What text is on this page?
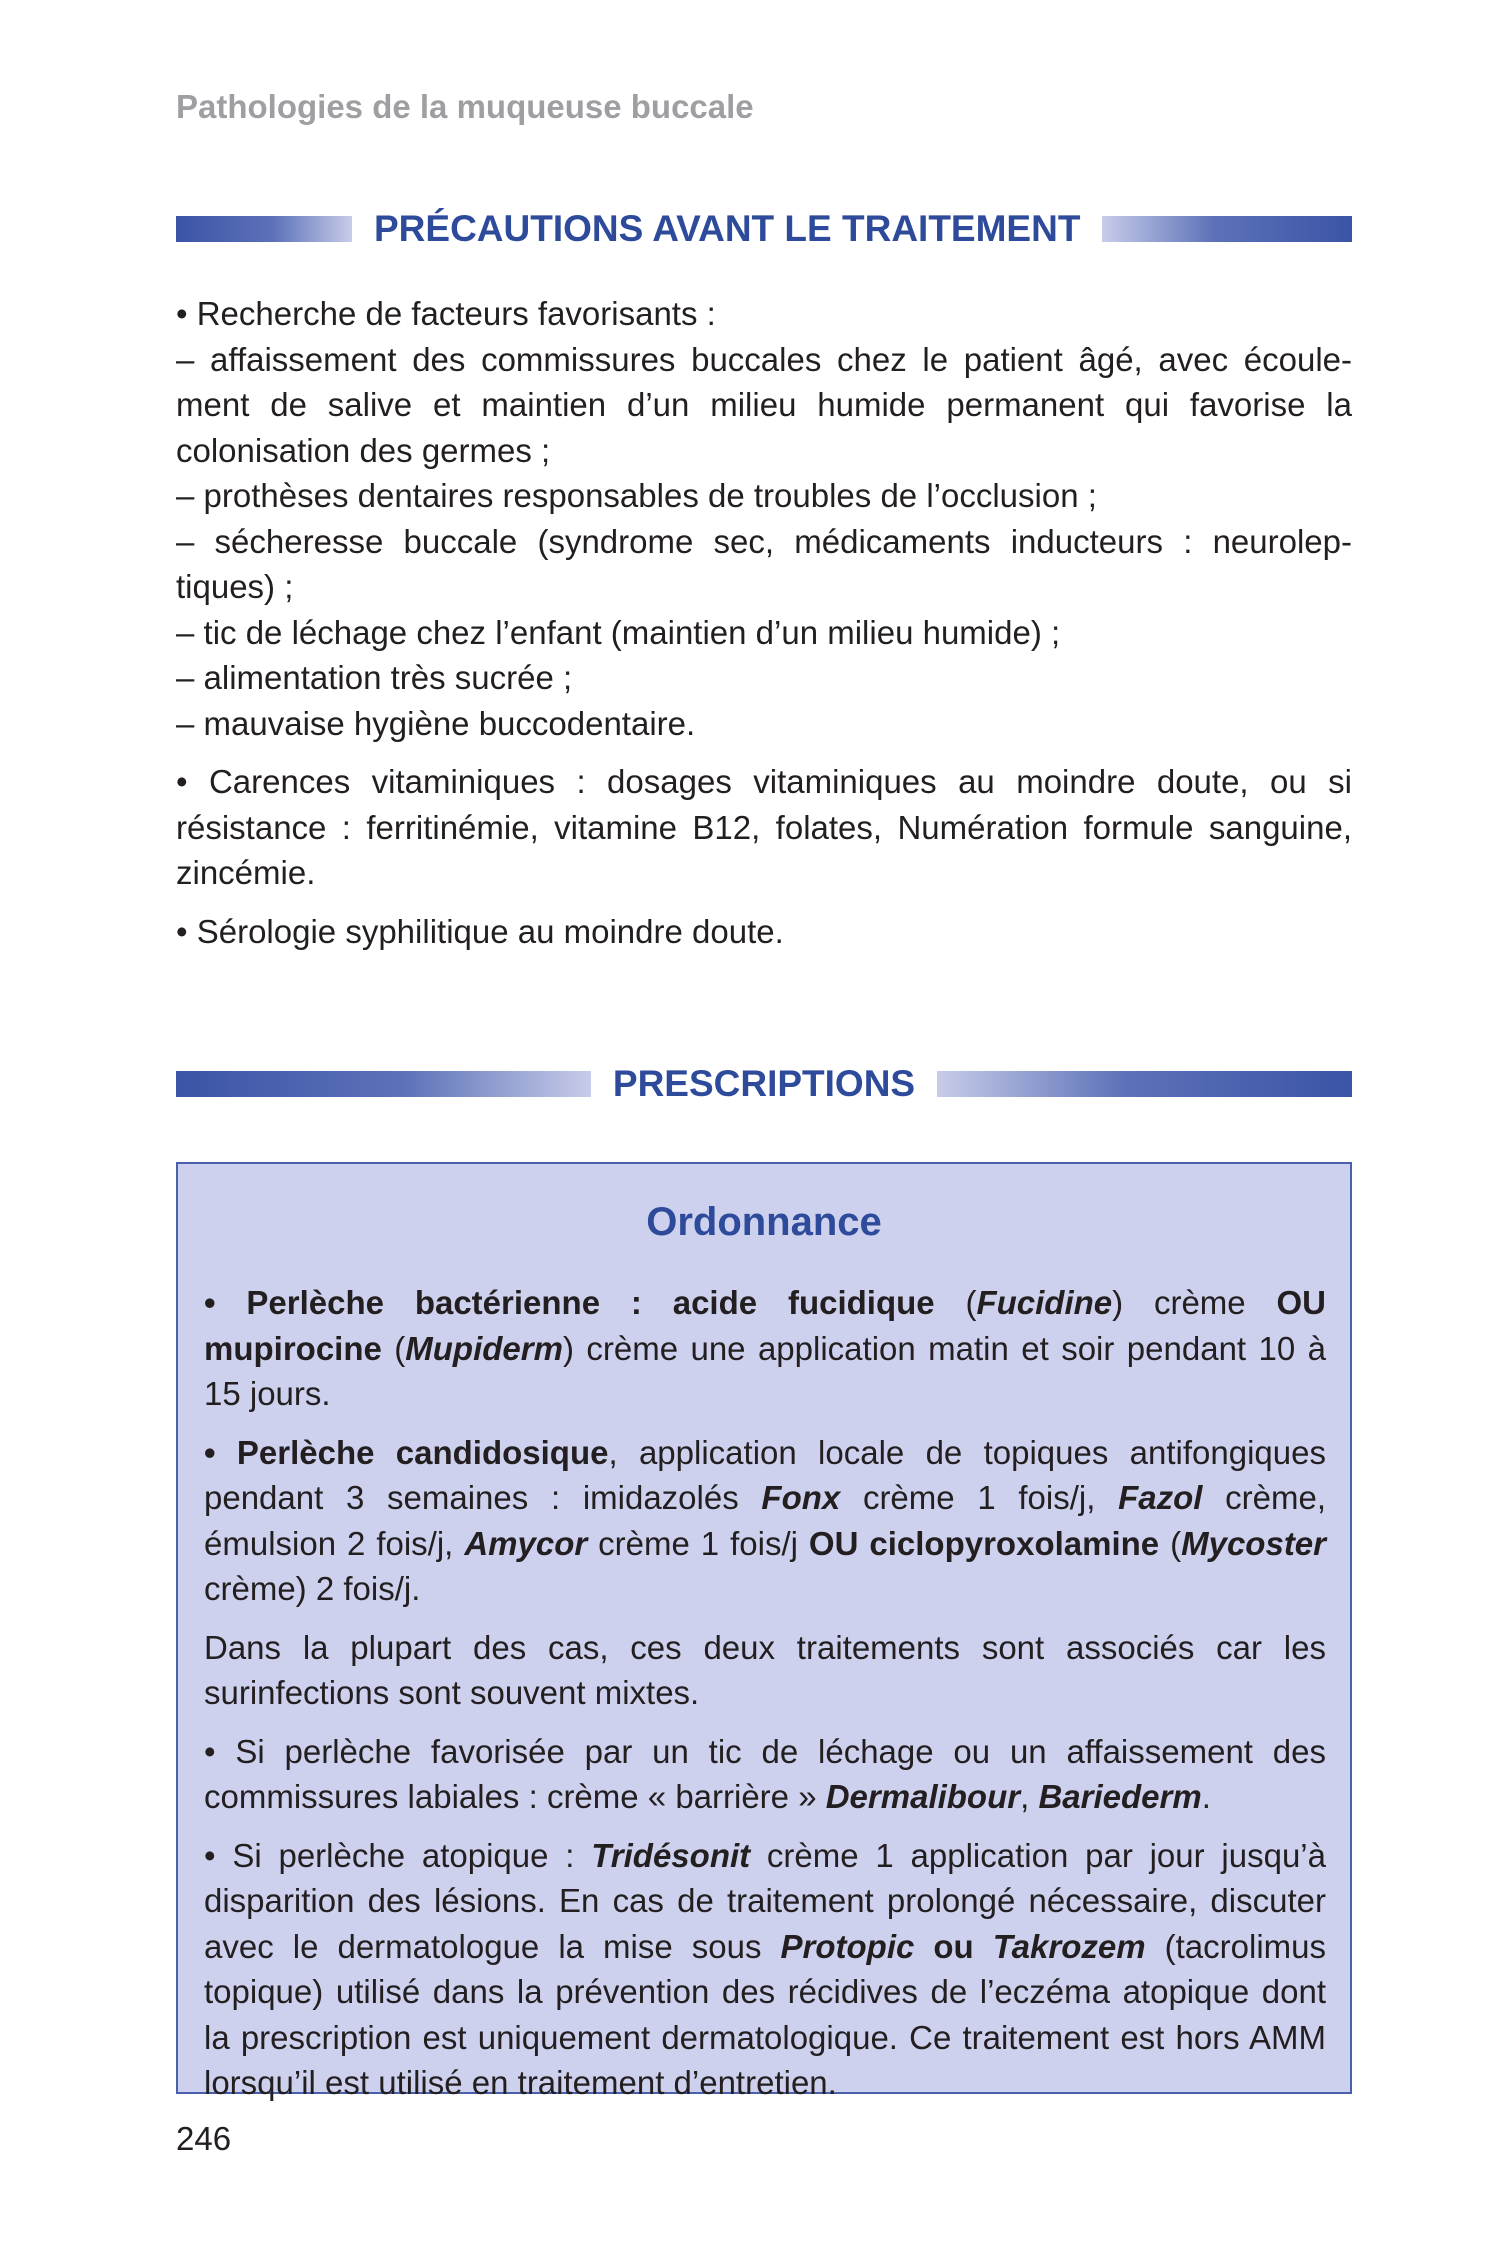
Pathologies de la muqueuse buccale
PRÉCAUTIONS AVANT LE TRAITEMENT

• Recherche de facteurs favorisants :

– affaissement des commissures buccales chez le patient âgé, avec écoule-ment de salive et maintien d’un milieu humide permanent qui favorise la colonisation des germes ;

– prothèses dentaires responsables de troubles de l’occlusion ;

– sécheresse buccale (syndrome sec, médicaments inducteurs : neurolep-tiques) ;

– tic de léchage chez l’enfant (maintien d’un milieu humide) ;

– alimentation très sucrée ;

– mauvaise hygiène buccodentaire.

• Carences vitaminiques : dosages vitaminiques au moindre doute, ou si résistance : ferritinémie, vitamine B12, folates, Numération formule sanguine, zincémie.

• Sérologie syphilitique au moindre doute.

PRESCRIPTIONS
Ordonnance

• Perlèche bactérienne : acide fucidique (Fucidine) crème OU mupirocine (Mupiderm) crème une application matin et soir pendant 10 à 15 jours.

• Perlèche candidosique, application locale de topiques antifongiques pendant 3 semaines : imidazolés Fonx crème 1 fois/j, Fazol crème, émulsion 2 fois/j, Amycor crème 1 fois/j OU ciclopyroxolamine (Mycoster crème) 2 fois/j.

Dans la plupart des cas, ces deux traitements sont associés car les surinfections sont souvent mixtes.

• Si perlèche favorisée par un tic de léchage ou un affaissement des commissures labiales : crème « barrière » Dermalibour, Bariederm.

• Si perlèche atopique : Tridésonit crème 1 application par jour jusqu’à disparition des lésions. En cas de traitement prolongé nécessaire, discuter avec le dermatologue la mise sous Protopic ou Takrozem (tacrolimus topique) utilisé dans la prévention des récidives de l’eczéma atopique dont la prescription est uniquement dermatologique. Ce traitement est hors AMM lorsqu’il est utilisé en traitement d’entretien.

246
